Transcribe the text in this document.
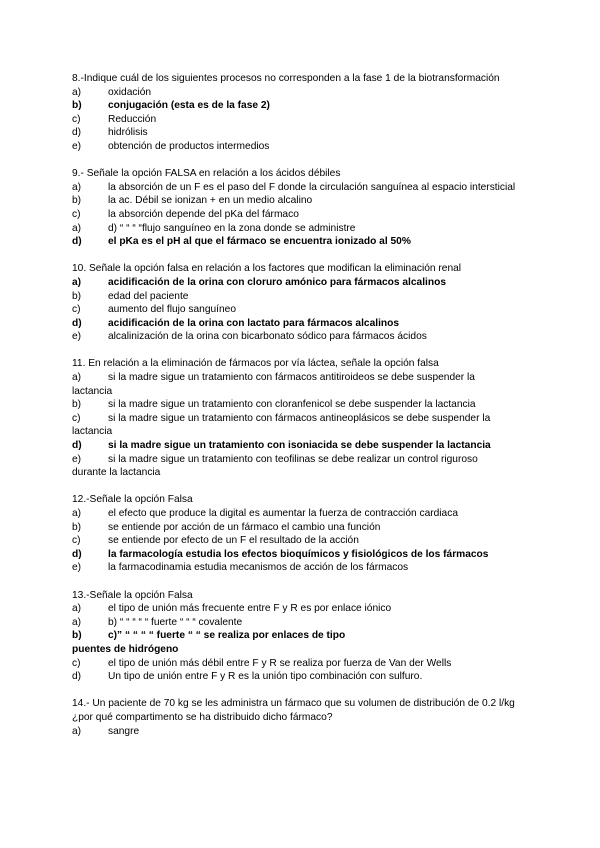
8.-Indique cuál de los siguientes procesos no corresponden a la fase 1 de la biotransformación
a)	oxidación
b)	conjugación (esta es de la fase 2)
c)	Reducción
d)	hidrólisis
e)	obtención de productos intermedios
9.- Señale la opción FALSA en relación a los ácidos débiles
a)	la absorción de un F es el paso del F donde la circulación sanguínea al espacio intersticial
b)	la ac. Débil se ionizan + en un medio alcalino
c)	la absorción depende del pKa del fármaco
a)	d) “ “ “ “flujo sanguíneo en la zona donde se administre
d)	el pKa es el pH al que el fármaco se encuentra ionizado al 50%
10. Señale la opción falsa en relación a los factores que modifican la eliminación renal
a)	acidificación de la orina con cloruro amónico para fármacos alcalinos
b)	edad del paciente
c)	aumento del flujo sanguíneo
d)	acidificación de la orina con lactato para fármacos alcalinos
e)	alcalinización de la orina con bicarbonato sódico para fármacos ácidos
11. En relación a la eliminación de fármacos por vía láctea, señale la opción falsa
a)	si la madre sigue un tratamiento con fármacos antitiroideos se debe suspender la
lactancia
b)	si la madre sigue un tratamiento con cloranfenicol se debe suspender la lactancia
c)	si la madre sigue un tratamiento con fármacos antineoplásicos se debe suspender la
lactancia
d)	si la madre sigue un tratamiento con isoniacida se debe suspender la lactancia
e)	si la madre sigue un tratamiento con teofilinas se debe realizar un control riguroso
durante la lactancia
12.-Señale la opción Falsa
a)	el efecto que produce la digital es aumentar la fuerza de contracción cardiaca
b)	se entiende por acción de un fármaco el cambio una función
c)	se entiende por efecto de un F el resultado de la acción
d)	la farmacología estudia los efectos bioquímicos y fisiológicos de los fármacos
e)	la farmacodinamia estudia mecanismos de acción de los fármacos
13.-Señale la opción Falsa
a)	el tipo de unión más frecuente entre F y R es por enlace iónico
a)	b) “ “ “ “ “ fuerte “ “ “ covalente
b)	c)” “ “ “ “ fuerte “ “ se realiza por enlaces de tipo
puentes de hidrógeno
c)	el tipo de unión más débil entre F y R se realiza por fuerza de Van der Wells
d)	Un tipo de unión entre F y R es la unión tipo combinación con sulfuro.
14.- Un paciente de 70 kg se les administra un fármaco que su volumen de distribución de 0.2 l/kg ¿por qué compartimento se ha distribuido dicho fármaco?
a)	sangre
